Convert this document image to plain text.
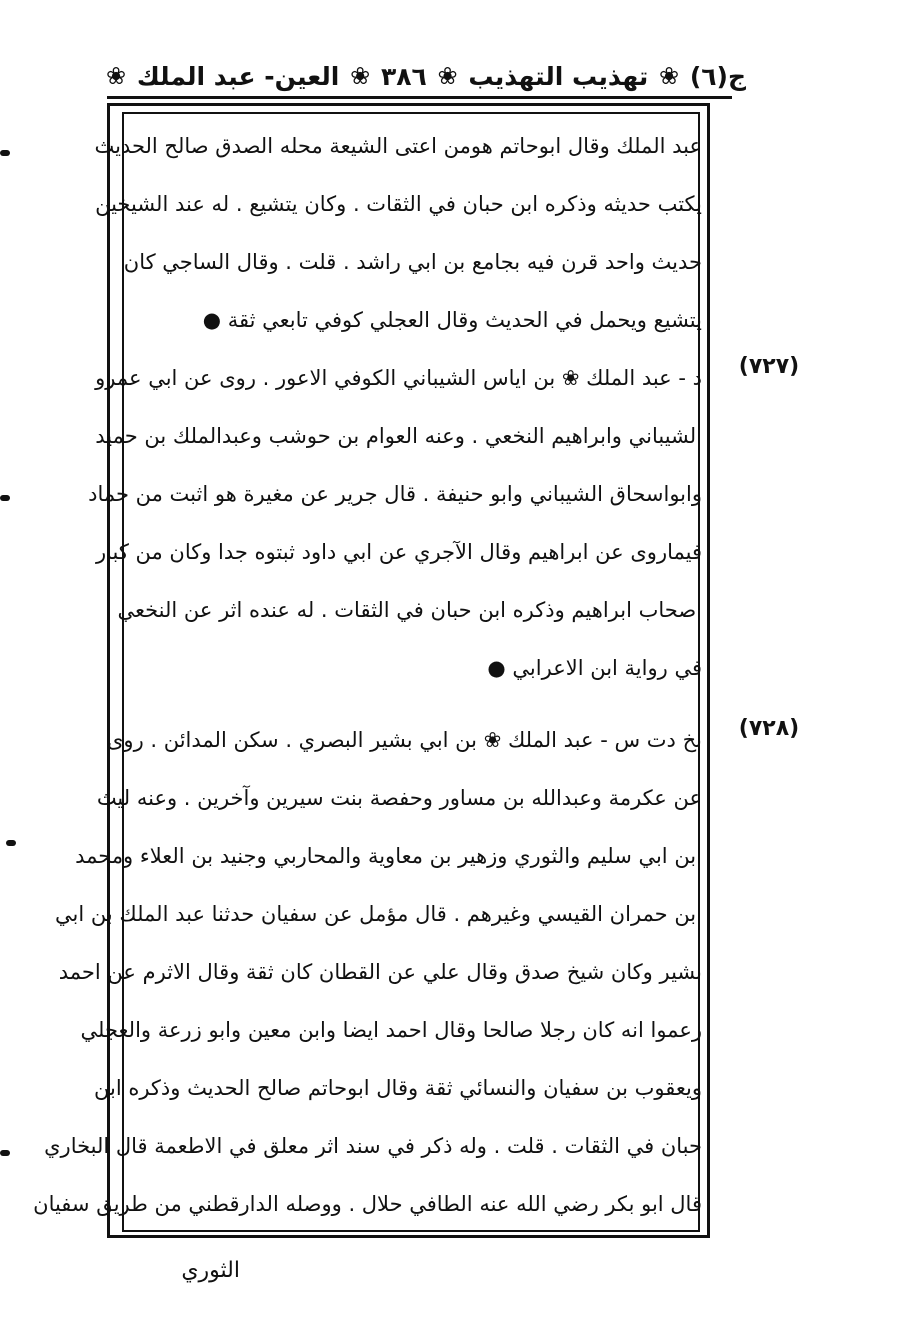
ج(٦)
❀
تهذيب التهذيب
❀
٣٨٦
❀
العين- عبد الملك
❀
عبد الملك وقال ابوحاتم هومن اعتى الشيعة محله الصدق صالح الحديث
يكتب حديثه وذكره ابن حبان في الثقات . وكان يتشيع . له عند الشيخين
حديث واحد قرن فيه بجامع بن ابي راشد . قلت . وقال الساجي كان
يتشيع ويحمل في الحديث وقال العجلي كوفي تابعي ثقة ●
(٧٢٧)
د - عبد الملك ❀ بن اياس الشيباني الكوفي الاعور . روى عن ابي عمرو
الشيباني وابراهيم النخعي . وعنه العوام بن حوشب وعبدالملك بن حميد
وابواسحاق الشيباني وابو حنيفة . قال جرير عن مغيرة هو اثبت من حماد
فيماروى عن ابراهيم وقال الآجري عن ابي داود ثبتوه جدا وكان من كبار
اصحاب ابراهيم وذكره ابن حبان في الثقات . له عنده اثر عن النخعي
في رواية ابن الاعرابي ●
(٧٢٨)
بخ دت س - عبد الملك ❀ بن ابي بشير البصري . سكن المدائن . روى
عن عكرمة وعبدالله بن مساور وحفصة بنت سيرين وآخرين . وعنه ليث
ابن ابي سليم والثوري وزهير بن معاوية والمحاربي وجنيد بن العلاء ومحمد
ابن حمران القيسي وغيرهم . قال مؤمل عن سفيان حدثنا عبد الملك بن ابي
بشير وكان شيخ صدق وقال علي عن القطان كان ثقة وقال الاثرم عن احمد
زعموا انه كان رجلا صالحا وقال احمد ايضا وابن معين وابو زرعة والعجلي
ويعقوب بن سفيان والنسائي ثقة وقال ابوحاتم صالح الحديث وذكره ابن
حبان في الثقات . قلت . وله ذكر في سند اثر معلق في الاطعمة قال البخاري
قال ابو بكر رضي الله عنه الطافي حلال . ووصله الدارقطني من طريق سفيان
الثوري
